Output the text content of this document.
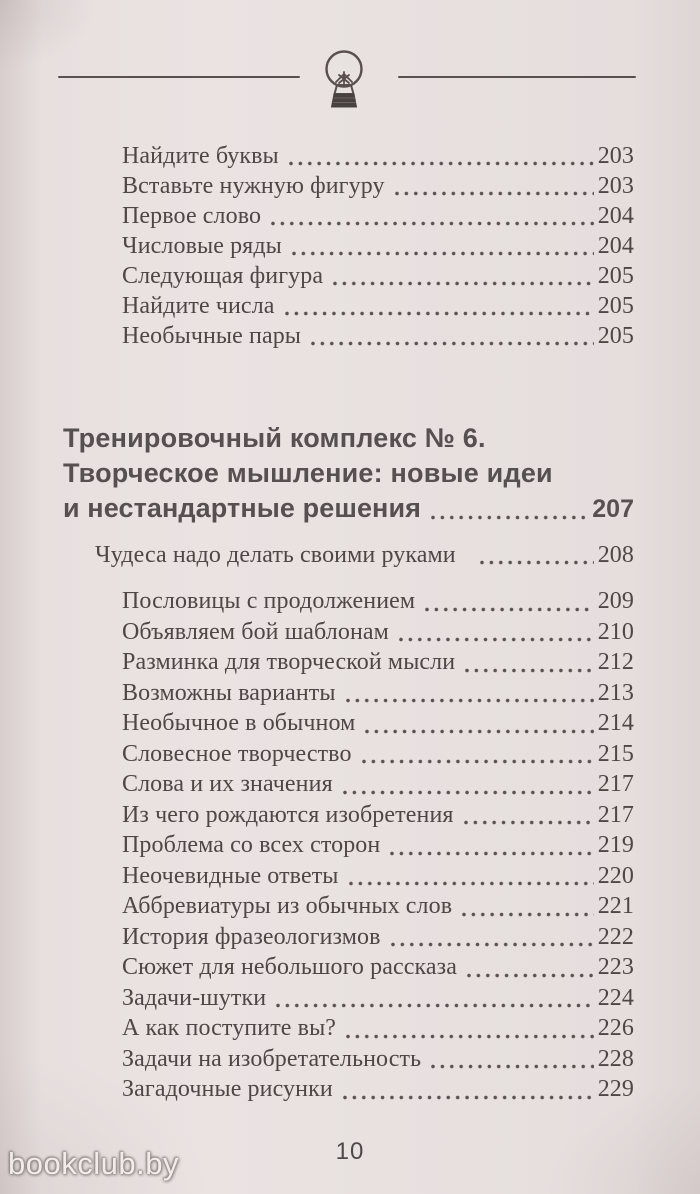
Найдите буквы	203
Вставьте нужную фигуру	203
Первое слово	204
Числовые ряды	204
Следующая фигура	205
Найдите числа	205
Необычные пары	205
Тренировочный комплекс № 6.
Творческое мышление: новые идеи
и нестандартные решения	207
Чудеса надо делать своими руками	208
Пословицы с продолжением	209
Объявляем бой шаблонам	210
Разминка для творческой мысли	212
Возможны варианты	213
Необычное в обычном	214
Словесное творчество	215
Слова и их значения	217
Из чего рождаются изобретения	217
Проблема со всех сторон	219
Неочевидные ответы	220
Аббревиатуры из обычных слов	221
История фразеологизмов	222
Сюжет для небольшого рассказа	223
Задачи-шутки	224
А как поступите вы?	226
Задачи на изобретательность	228
Загадочные рисунки	229
10
bookclub.by
